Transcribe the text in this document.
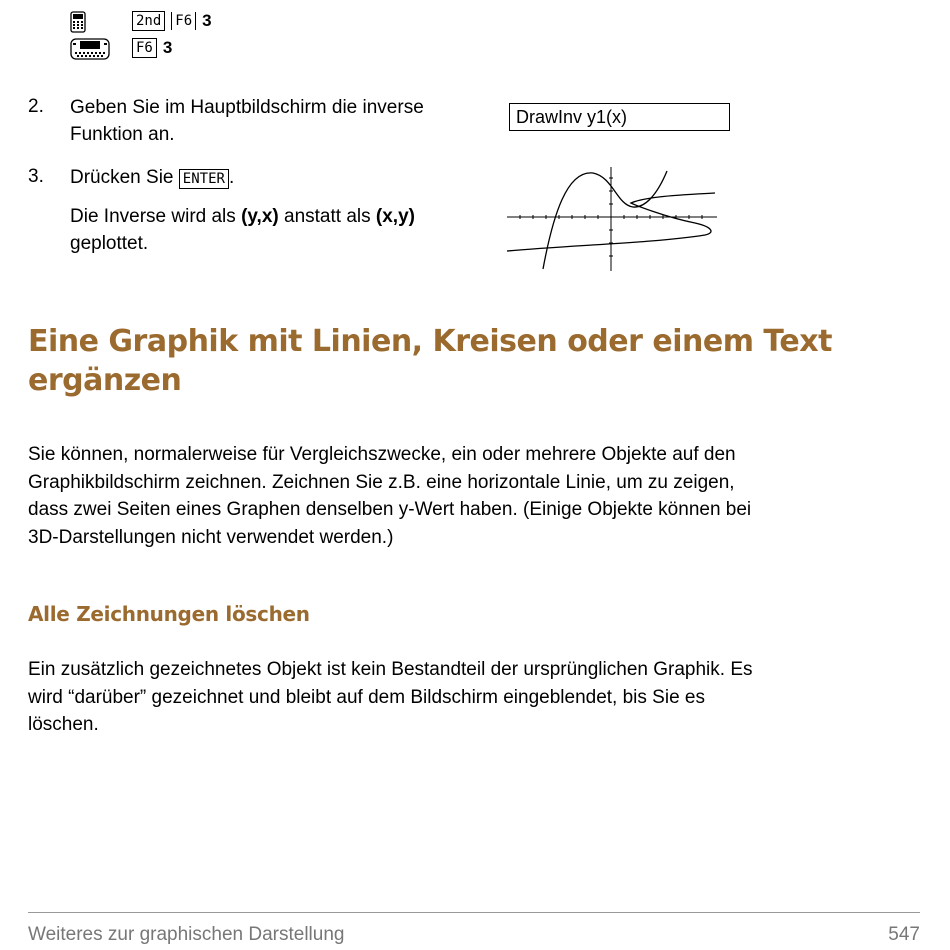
2nd F6 3
F6 3
2. Geben Sie im Hauptbildschirm die inverse
Funktion an.
DrawInv y1(x)
3. Drücken Sie ENTER .
Die Inverse wird als (y,x) anstatt als (x,y)
geplottet.
Eine Graphik mit Linien, Kreisen oder einem Text
ergänzen
Sie können, normalerweise für Vergleichszwecke, ein oder mehrere Objekte auf den
Graphikbildschirm zeichnen. Zeichnen Sie z.B. eine horizontale Linie, um zu zeigen,
dass zwei Seiten eines Graphen denselben y-Wert haben. (Einige Objekte können bei
3D-Darstellungen nicht verwendet werden.)
Alle Zeichnungen löschen
Ein zusätzlich gezeichnetes Objekt ist kein Bestandteil der ursprünglichen Graphik. Es
wird “darüber” gezeichnet und bleibt auf dem Bildschirm eingeblendet, bis Sie es
löschen.
Weiteres zur graphischen Darstellung	547
